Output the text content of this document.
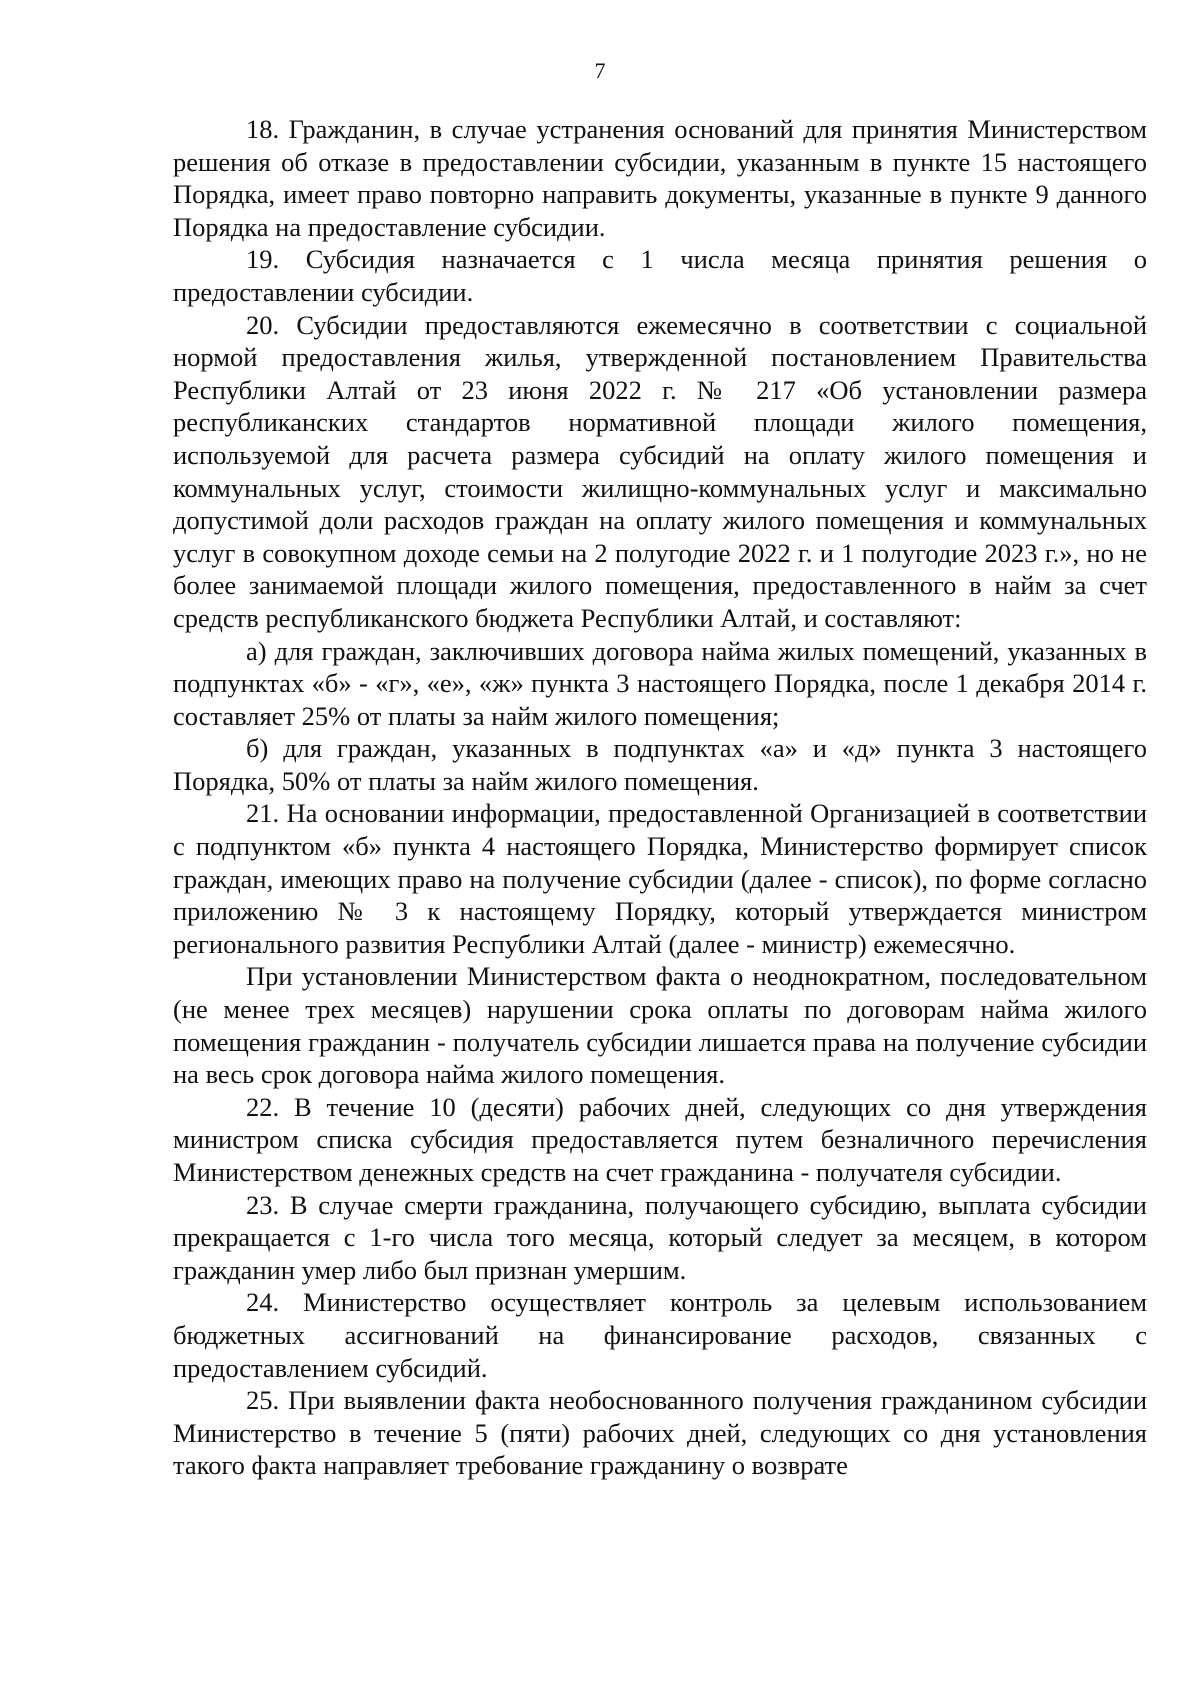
7

18. Гражданин, в случае устранения оснований для принятия Министерством решения об отказе в предоставлении субсидии, указанным в пункте 15 настоящего Порядка, имеет право повторно направить документы, указанные в пункте 9 данного Порядка на предоставление субсидии.

19. Субсидия назначается с 1 числа месяца принятия решения о предоставлении субсидии.

20. Субсидии предоставляются ежемесячно в соответствии с социальной нормой предоставления жилья, утвержденной постановлением Правительства Республики Алтай от 23 июня 2022 г. № 217 «Об установлении размера республиканских стандартов нормативной площади жилого помещения, используемой для расчета размера субсидий на оплату жилого помещения и коммунальных услуг, стоимости жилищно-коммунальных услуг и максимально допустимой доли расходов граждан на оплату жилого помещения и коммунальных услуг в совокупном доходе семьи на 2 полугодие 2022 г. и 1 полугодие 2023 г.», но не более занимаемой площади жилого помещения, предоставленного в найм за счет средств республиканского бюджета Республики Алтай, и составляют:

а) для граждан, заключивших договора найма жилых помещений, указанных в подпунктах «б» - «г», «е», «ж» пункта 3 настоящего Порядка, после 1 декабря 2014 г. составляет 25% от платы за найм жилого помещения;

б) для граждан, указанных в подпунктах «а» и «д» пункта 3 настоящего Порядка, 50% от платы за найм жилого помещения.

21. На основании информации, предоставленной Организацией в соответствии с подпунктом «б» пункта 4 настоящего Порядка, Министерство формирует список граждан, имеющих право на получение субсидии (далее - список), по форме согласно приложению № 3 к настоящему Порядку, который утверждается министром регионального развития Республики Алтай (далее - министр) ежемесячно.

При установлении Министерством факта о неоднократном, последовательном (не менее трех месяцев) нарушении срока оплаты по договорам найма жилого помещения гражданин - получатель субсидии лишается права на получение субсидии на весь срок договора найма жилого помещения.

22. В течение 10 (десяти) рабочих дней, следующих со дня утверждения министром списка субсидия предоставляется путем безналичного перечисления Министерством денежных средств на счет гражданина - получателя субсидии.

23. В случае смерти гражданина, получающего субсидию, выплата субсидии прекращается с 1-го числа того месяца, который следует за месяцем, в котором гражданин умер либо был признан умершим.

24. Министерство осуществляет контроль за целевым использованием бюджетных ассигнований на финансирование расходов, связанных с предоставлением субсидий.

25. При выявлении факта необоснованного получения гражданином субсидии Министерство в течение 5 (пяти) рабочих дней, следующих со дня установления такого факта направляет требование гражданину о возврате
